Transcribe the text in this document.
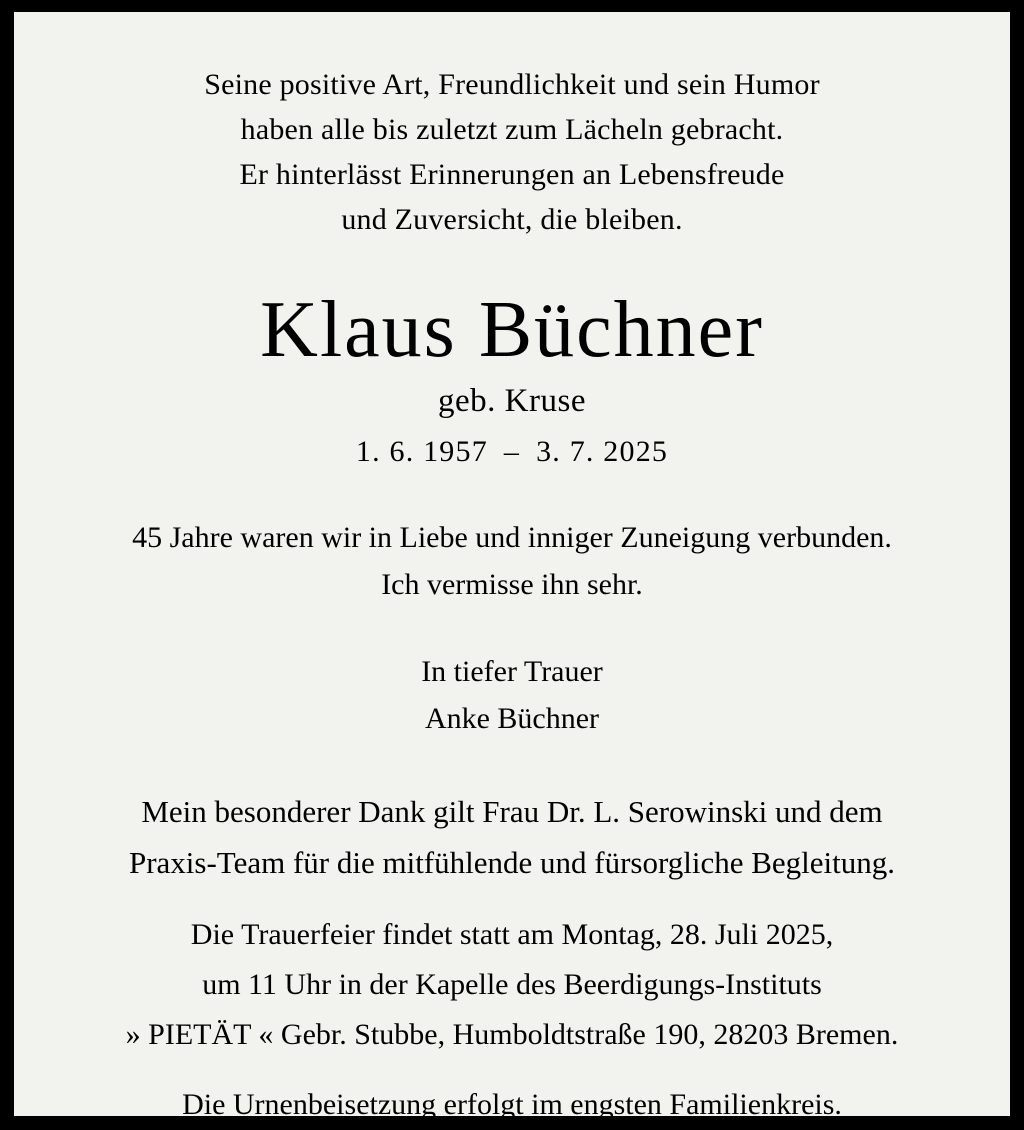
Seine positive Art, Freundlichkeit und sein Humor
haben alle bis zuletzt zum Lächeln gebracht.
Er hinterlässt Erinnerungen an Lebensfreude
und Zuversicht, die bleiben.
Klaus Büchner
geb. Kruse
1. 6. 1957 – 3. 7. 2025
45 Jahre waren wir in Liebe und inniger Zuneigung verbunden.
Ich vermisse ihn sehr.
In tiefer Trauer
Anke Büchner
Mein besonderer Dank gilt Frau Dr. L. Serowinski und dem
Praxis-Team für die mitfühlende und fürsorgliche Begleitung.
Die Trauerfeier findet statt am Montag, 28. Juli 2025,
um 11 Uhr in der Kapelle des Beerdigungs-Instituts
» PIETÄT « Gebr. Stubbe, Humboldtstraße 190, 28203 Bremen.
Die Urnenbeisetzung erfolgt im engsten Familienkreis.
